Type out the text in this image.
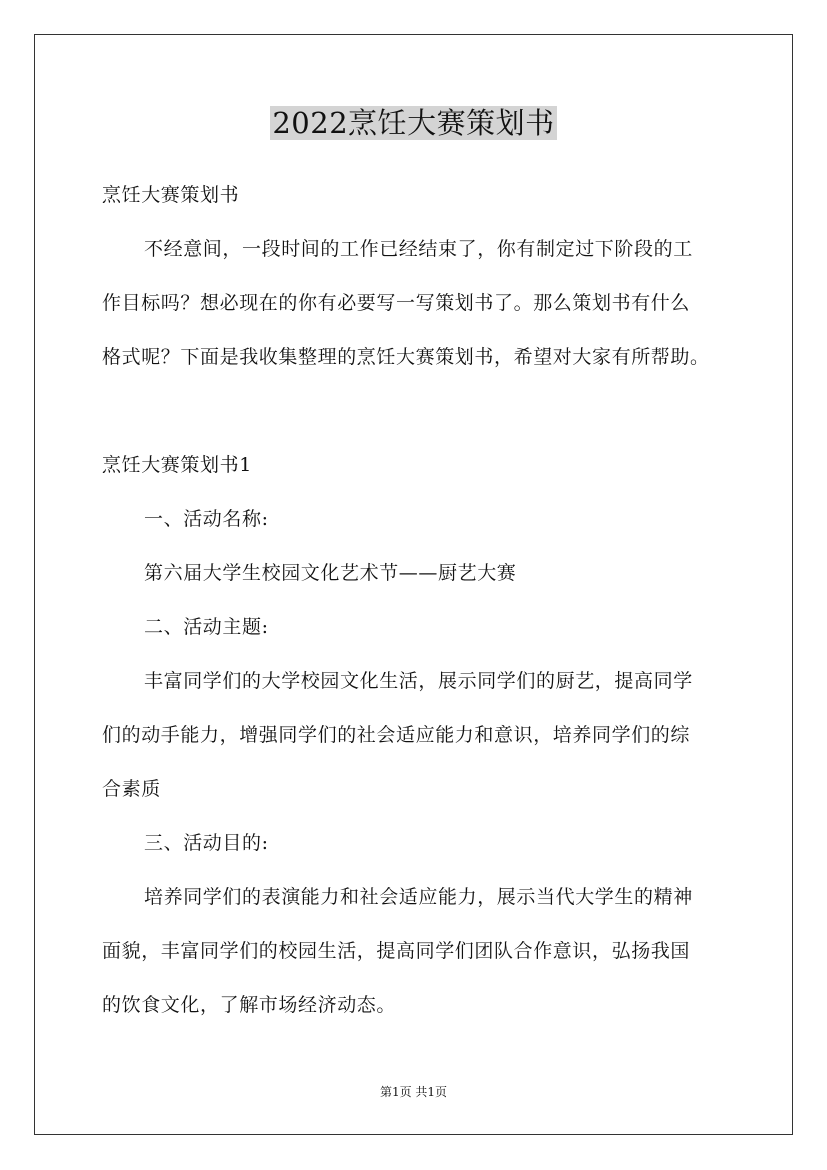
2022烹饪大赛策划书
烹饪大赛策划书
不经意间，一段时间的工作已经结束了，你有制定过下阶段的工
作目标吗？想必现在的你有必要写一写策划书了。那么策划书有什么
格式呢？下面是我收集整理的烹饪大赛策划书，希望对大家有所帮助。
烹饪大赛策划书1
一、活动名称:
第六届大学生校园文化艺术节——厨艺大赛
二、活动主题:
丰富同学们的大学校园文化生活，展示同学们的厨艺，提高同学
们的动手能力，增强同学们的社会适应能力和意识，培养同学们的综
合素质
三、活动目的:
培养同学们的表演能力和社会适应能力，展示当代大学生的精神
面貌，丰富同学们的校园生活，提高同学们团队合作意识，弘扬我国
的饮食文化，了解市场经济动态。
第1页 共1页
